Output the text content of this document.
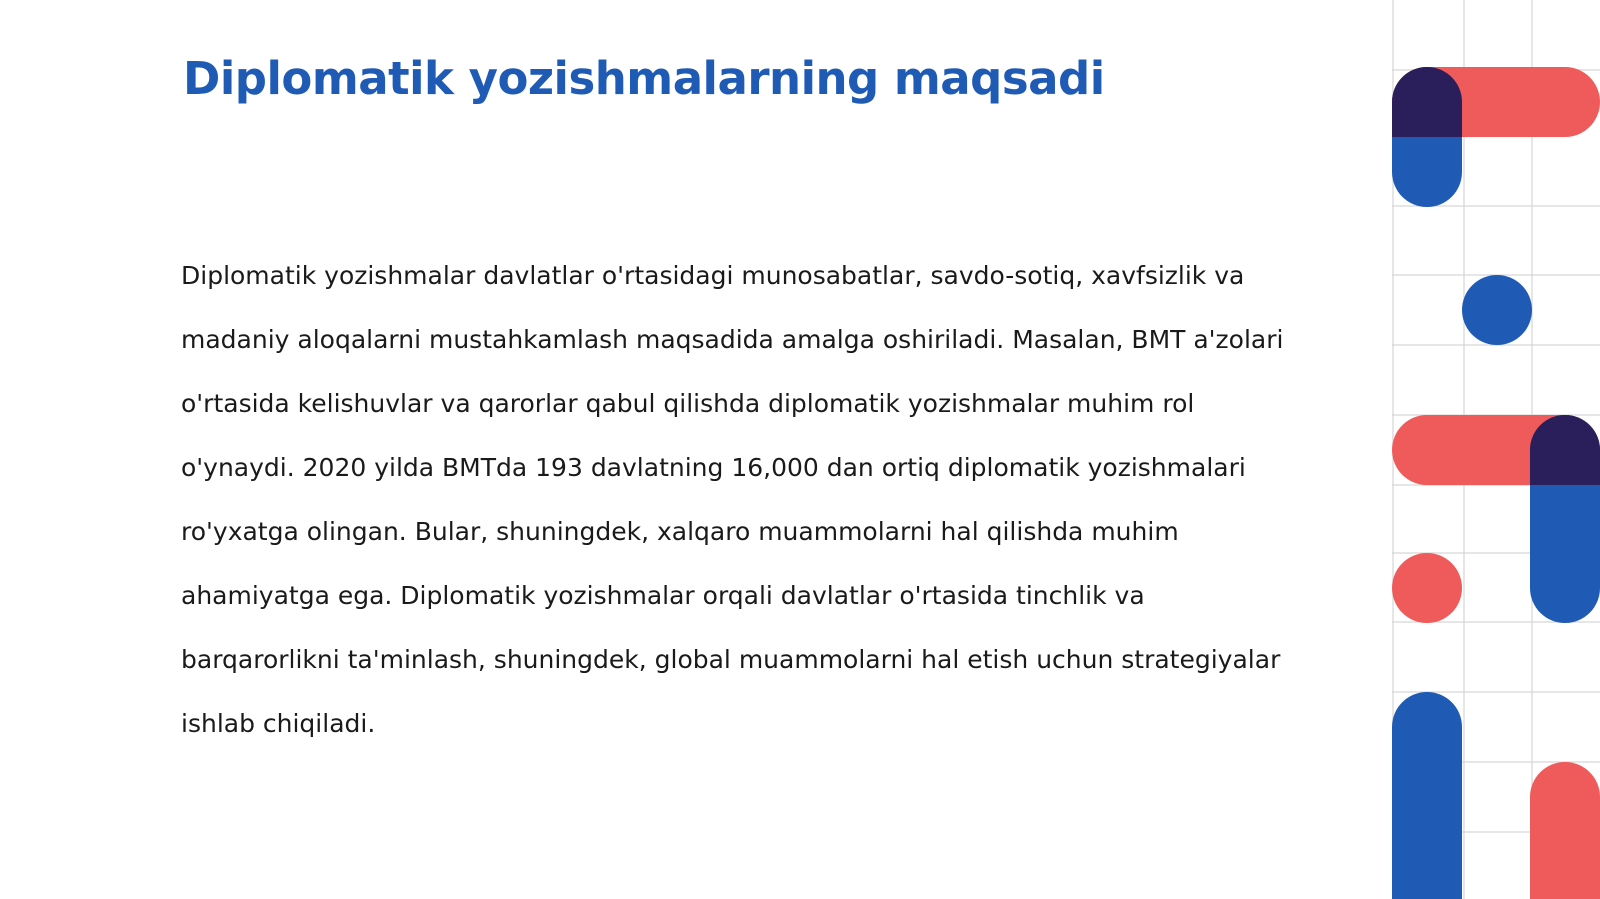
Diplomatik yozishmalarning maqsadi

Diplomatik yozishmalar davlatlar o'rtasidagi munosabatlar, savdo-sotiq, xavfsizlik va madaniy aloqalarni mustahkamlash maqsadida amalga oshiriladi. Masalan, BMT a'zolari o'rtasida kelishuvlar va qarorlar qabul qilishda diplomatik yozishmalar muhim rol o'ynaydi. 2020 yilda BMTda 193 davlatning 16,000 dan ortiq diplomatik yozishmalari ro'yxatga olingan. Bular, shuningdek, xalqaro muammolarni hal qilishda muhim ahamiyatga ega. Diplomatik yozishmalar orqali davlatlar o'rtasida tinchlik va barqarorlikni ta'minlash, shuningdek, global muammolarni hal etish uchun strategiyalar ishlab chiqiladi.
